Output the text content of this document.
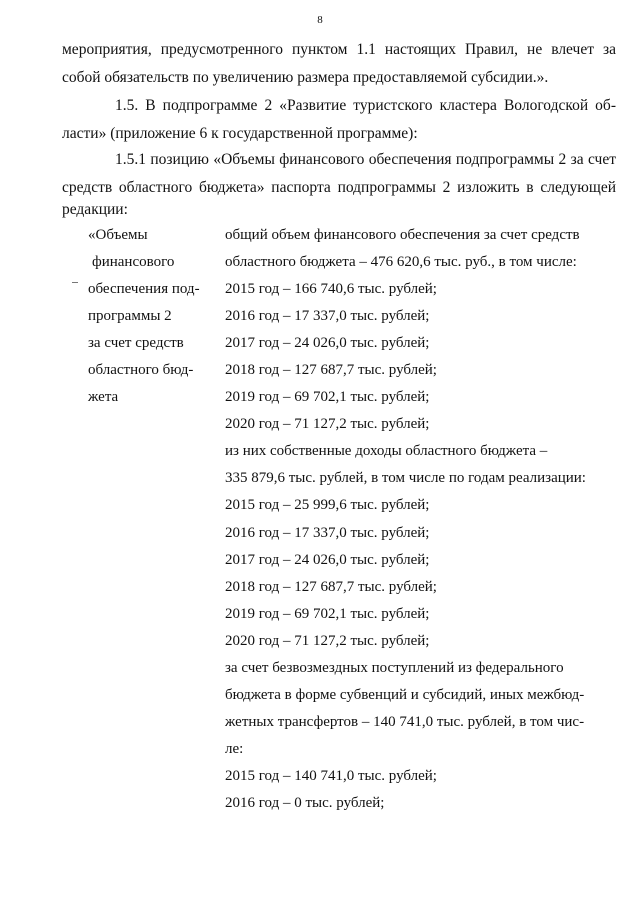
8
мероприятия, предусмотренного пунктом 1.1 настоящих Правил, не влечет за
собой обязательств по увеличению размера предоставляемой субсидии.».
1.5. В подпрограмме 2 «Развитие туристского кластера Вологодской об-
ласти» (приложение 6 к государственной программе):
1.5.1 позицию «Объемы финансового обеспечения подпрограммы 2 за счет
средств областного бюджета» паспорта подпрограммы 2 изложить в следующей
редакции:
«Объемы
финансового
обеспечения под-
программы 2
за счет средств
областного бюд-
жета
общий объем финансового обеспечения за счет средств
областного бюджета – 476 620,6 тыс. руб., в том числе:
2015 год – 166 740,6 тыс. рублей;
2016 год – 17 337,0 тыс. рублей;
2017 год – 24 026,0 тыс. рублей;
2018 год – 127 687,7 тыс. рублей;
2019 год – 69 702,1 тыс. рублей;
2020 год – 71 127,2 тыс. рублей;
из них собственные доходы областного бюджета –
335 879,6 тыс. рублей, в том числе по годам реализации:
2015 год – 25 999,6 тыс. рублей;
2016 год – 17 337,0 тыс. рублей;
2017 год – 24 026,0 тыс. рублей;
2018 год – 127 687,7 тыс. рублей;
2019 год – 69 702,1 тыс. рублей;
2020 год – 71 127,2 тыс. рублей;
за счет безвозмездных поступлений из федерального
бюджета в форме субвенций и субсидий, иных межбюд-
жетных трансфертов – 140 741,0 тыс. рублей, в том чис-
ле:
2015 год – 140 741,0 тыс. рублей;
2016 год – 0 тыс. рублей;
